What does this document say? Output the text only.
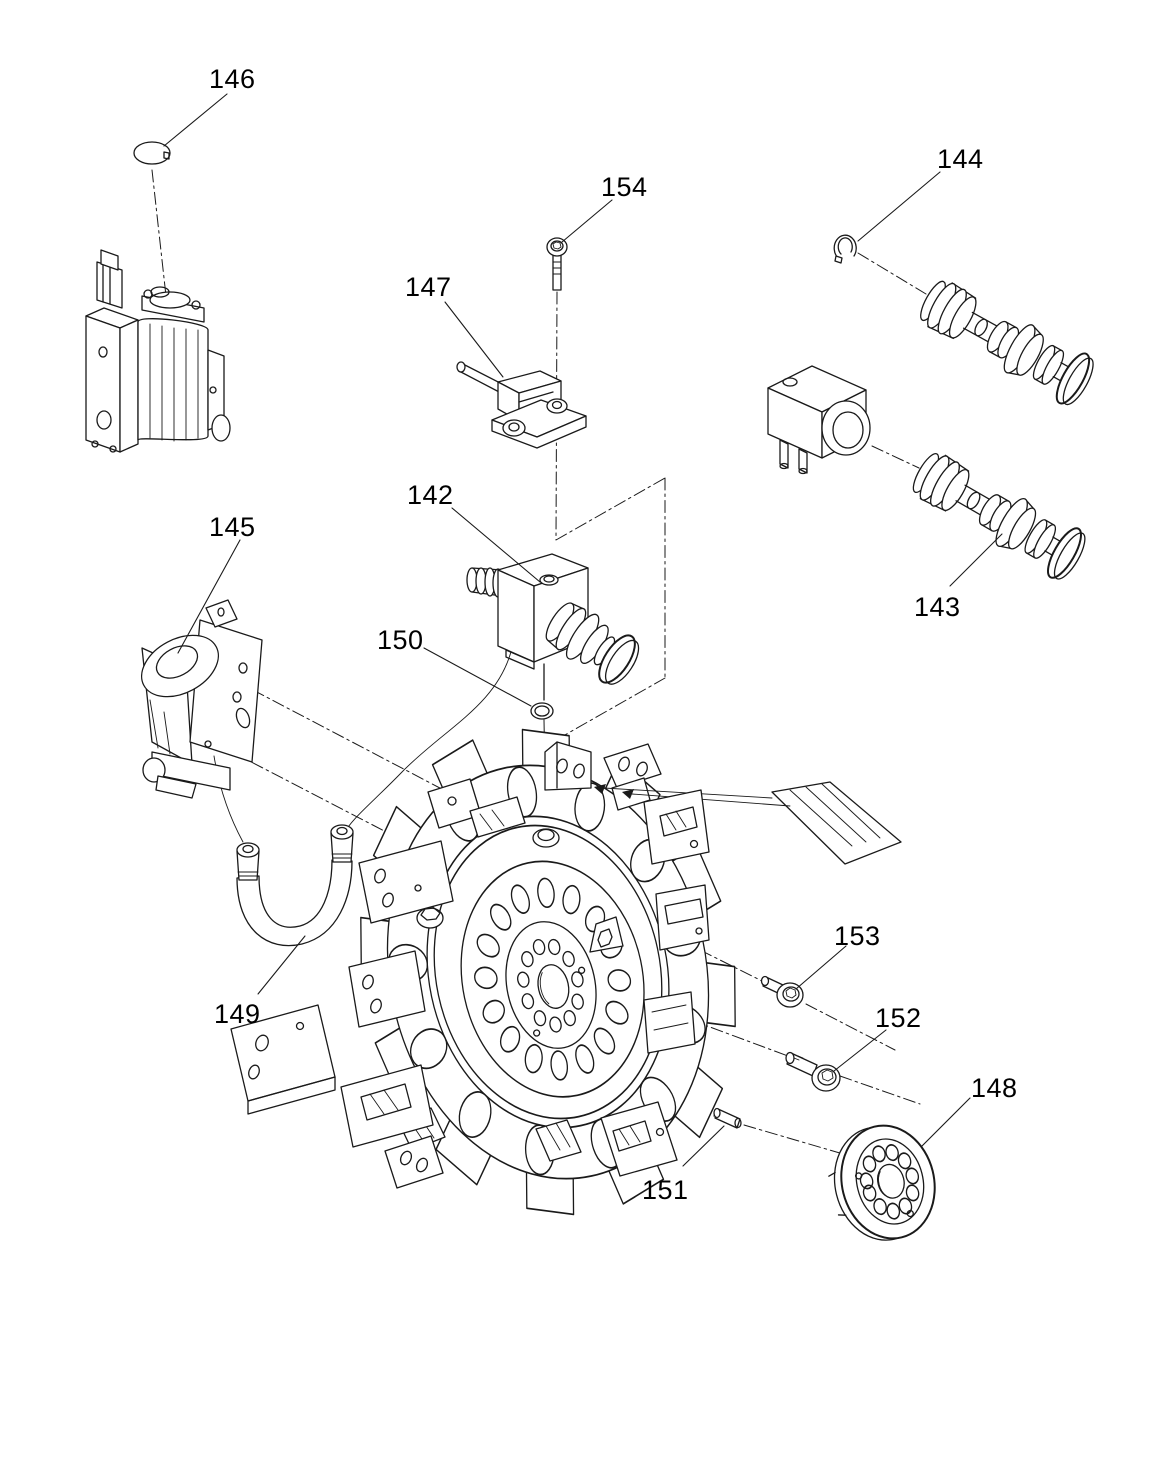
146
154
147
144
143
142
145
150
149
153
152
148
151
